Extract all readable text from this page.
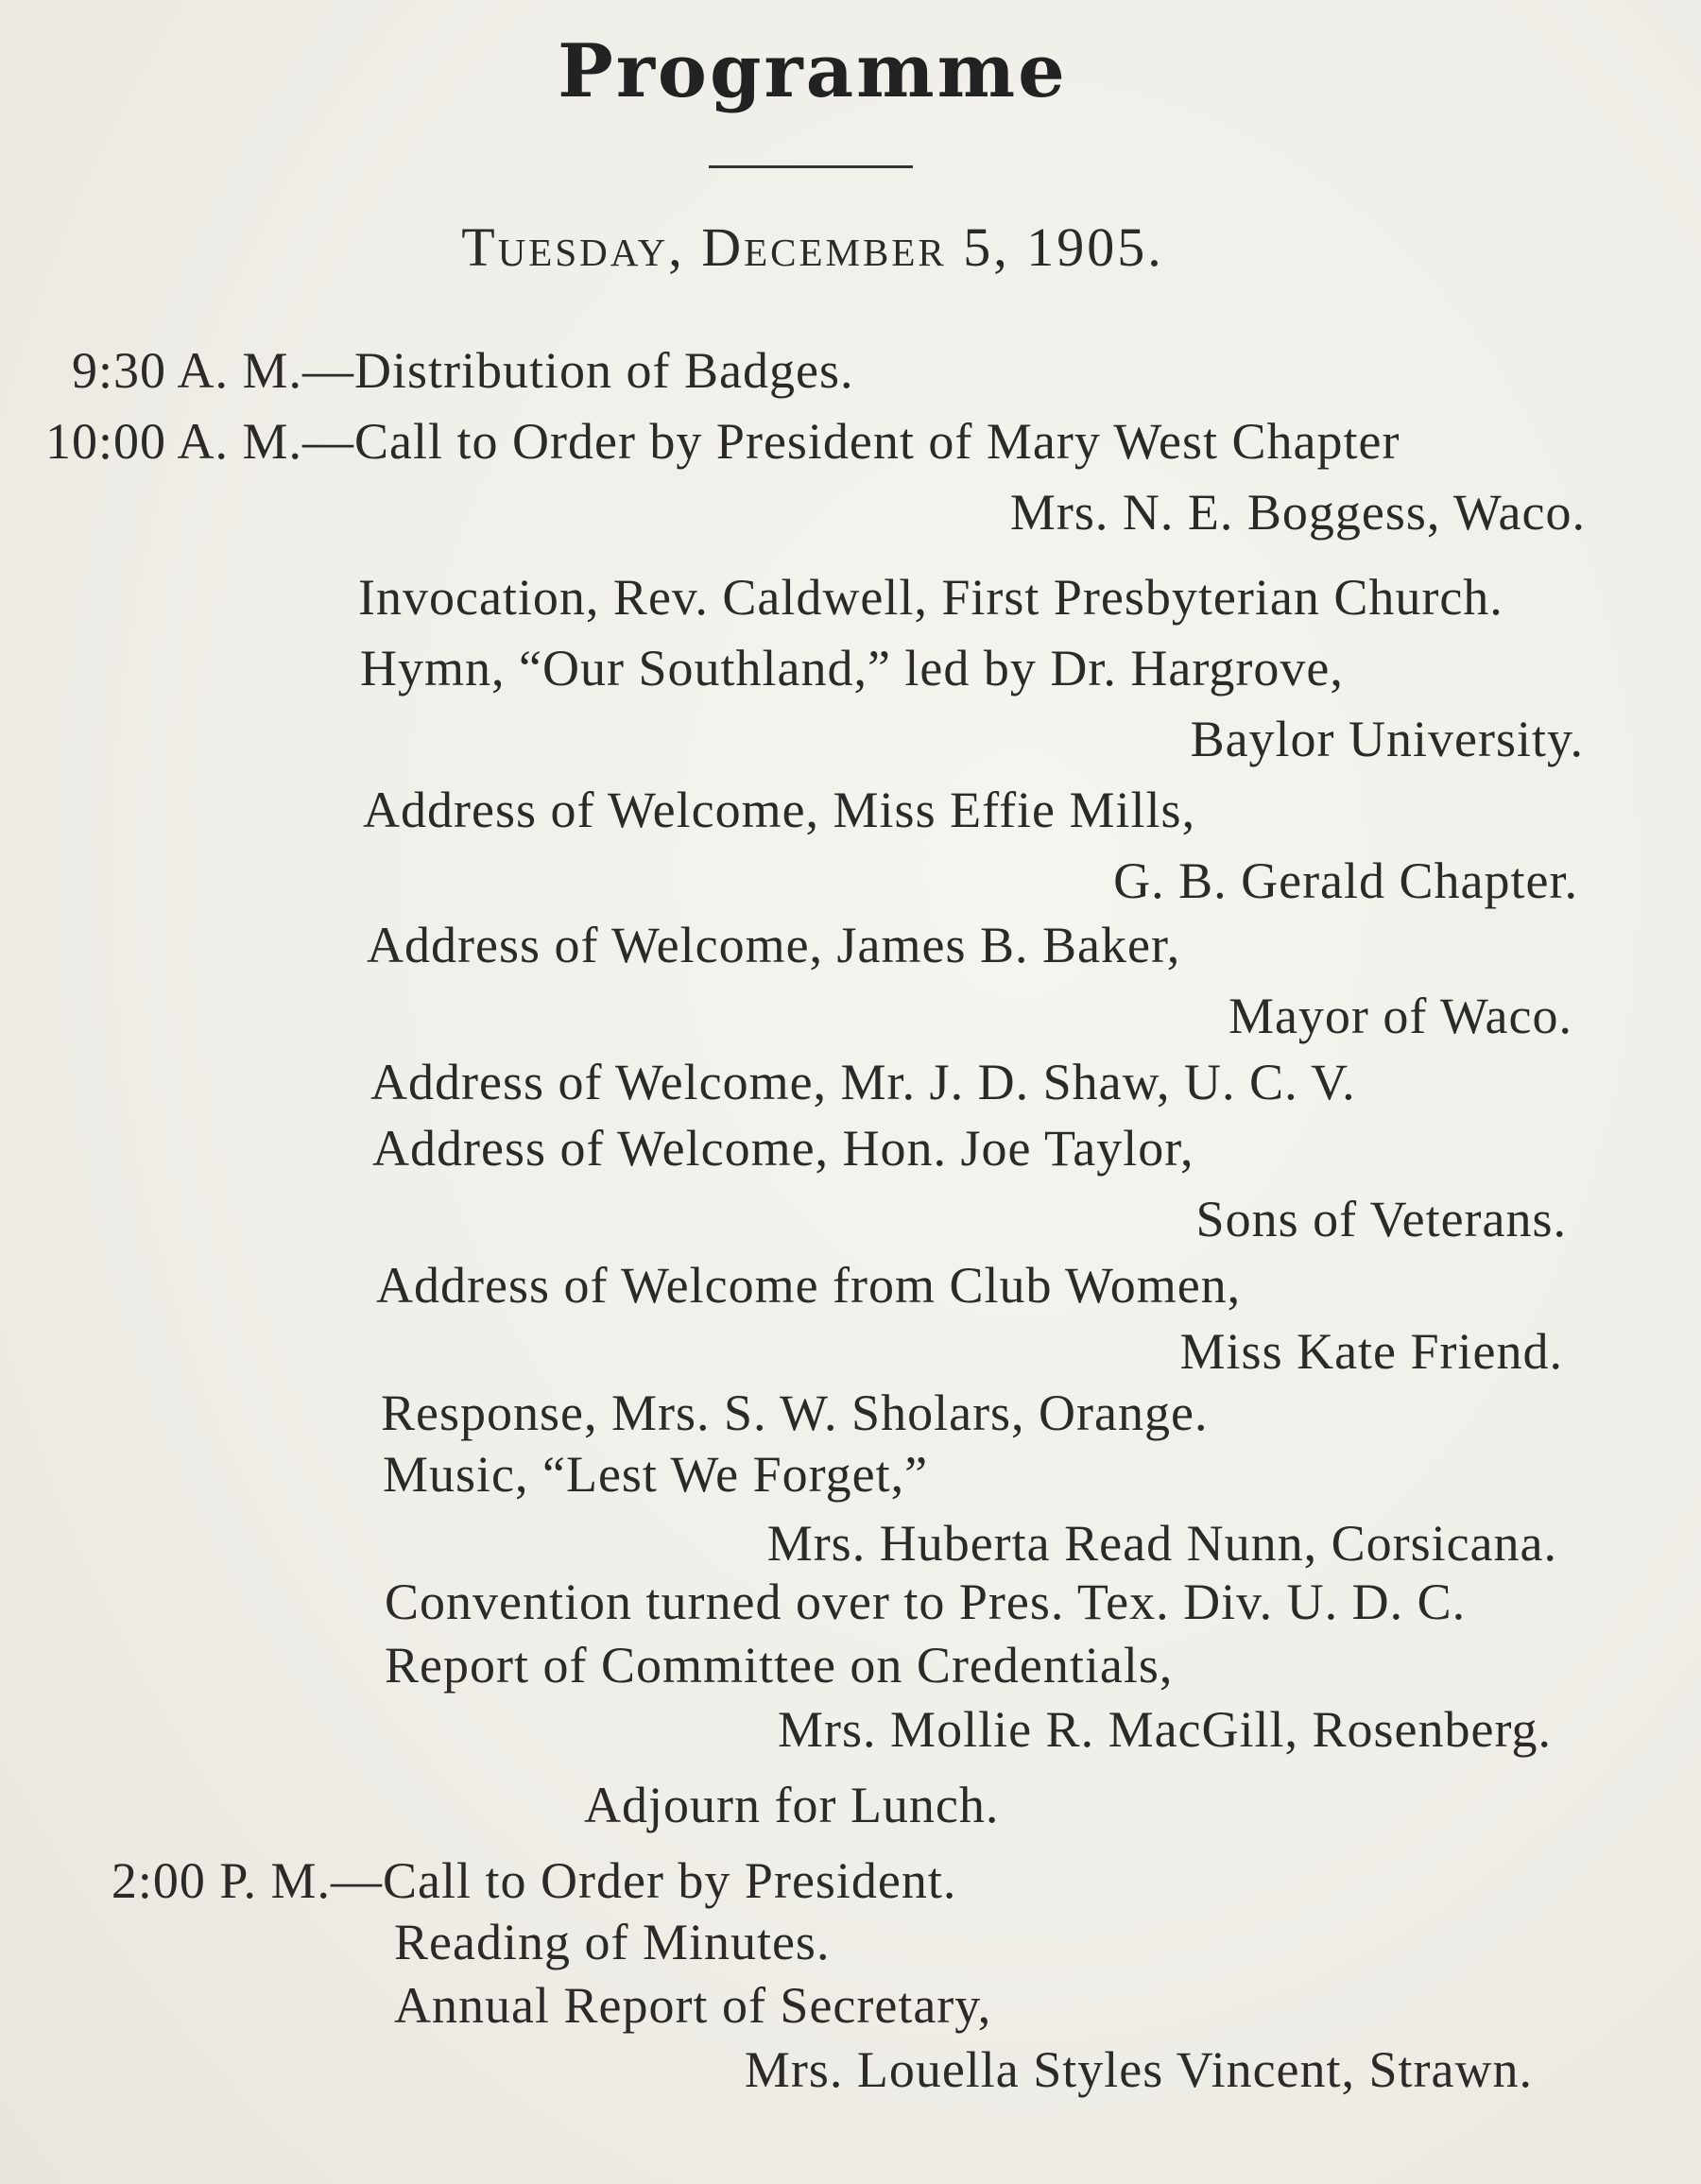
Programme
Tuesday, December 5, 1905.
9:30 A. M.— Distribution of Badges.
10:00 A. M.— Call to Order by President of Mary West Chapter
Mrs. N. E. Boggess, Waco.
Invocation, Rev. Caldwell, First Presbyterian Church.
Hymn, “Our Southland,” led by Dr. Hargrove,
Baylor University.
Address of Welcome, Miss Effie Mills,
G. B. Gerald Chapter.
Address of Welcome, James B. Baker,
Mayor of Waco.
Address of Welcome, Mr. J. D. Shaw, U. C. V.
Address of Welcome, Hon. Joe Taylor,
Sons of Veterans.
Address of Welcome from Club Women,
Miss Kate Friend.
Response, Mrs. S. W. Sholars, Orange.
Music, “Lest We Forget,”
Mrs. Huberta Read Nunn, Corsicana.
Convention turned over to Pres. Tex. Div. U. D. C.
Report of Committee on Credentials,
Mrs. Mollie R. MacGill, Rosenberg.
Adjourn for Lunch.
2:00 P. M.— Call to Order by President.
Reading of Minutes.
Annual Report of Secretary,
Mrs. Louella Styles Vincent, Strawn.
